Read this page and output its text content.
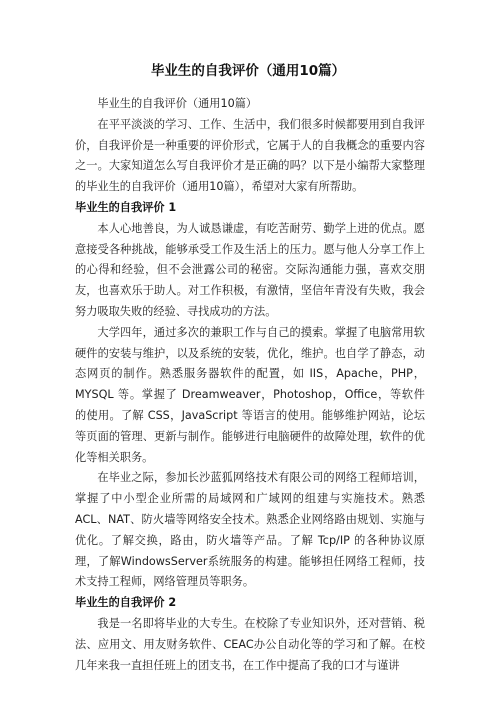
毕业生的自我评价（通用10篇）

毕业生的自我评价（通用10篇）

在平平淡淡的学习、工作、生活中，我们很多时候都要用到自我评价，自我评价是一种重要的评价形式，它属于人的自我概念的重要内容之一。大家知道怎么写自我评价才是正确的吗？以下是小编帮大家整理的毕业生的自我评价（通用10篇），希望对大家有所帮助。

毕业生的自我评价 1

本人心地善良，为人诚恳谦虚，有吃苦耐劳、勤学上进的优点。愿意接受各种挑战，能够承受工作及生活上的压力。愿与他人分享工作上的心得和经验，但不会泄露公司的秘密。交际沟通能力强，喜欢交朋友，也喜欢乐于助人。对工作积极，有激情，坚信年青没有失败，我会努力吸取失败的经验、寻找成功的方法。

大学四年，通过多次的兼职工作与自己的摸索。掌握了电脑常用软硬件的安装与维护，以及系统的安装，优化，维护。也自学了静态，动态网页的制作。熟悉服务器软件的配置，如 IIS，Apache，PHP，MYSQL 等。掌握了 Dreamweaver，Photoshop，Office，等软件的使用。了解 CSS，JavaScript 等语言的使用。能够维护网站，论坛等页面的管理、更新与制作。能够进行电脑硬件的故障处理，软件的优化等相关职务。

在毕业之际，参加长沙蓝狐网络技术有限公司的网络工程师培训，掌握了中小型企业所需的局域网和广域网的组建与实施技术。熟悉 ACL、NAT、防火墙等网络安全技术。熟悉企业网络路由规划、实施与优化。了解交换，路由，防火墙等产品。了解 Tcp/IP 的各种协议原理，了解WindowsServer系统服务的构建。能够担任网络工程师，技术支持工程师，网络管理员等职务。

毕业生的自我评价 2

我是一名即将毕业的大专生。在校除了专业知识外，还对营销、税法、应用文、用友财务软件、CEAC办公自动化等的学习和了解。在校几年来我一直担任班上的团支书，在工作中提高了我的口才与谨讲
